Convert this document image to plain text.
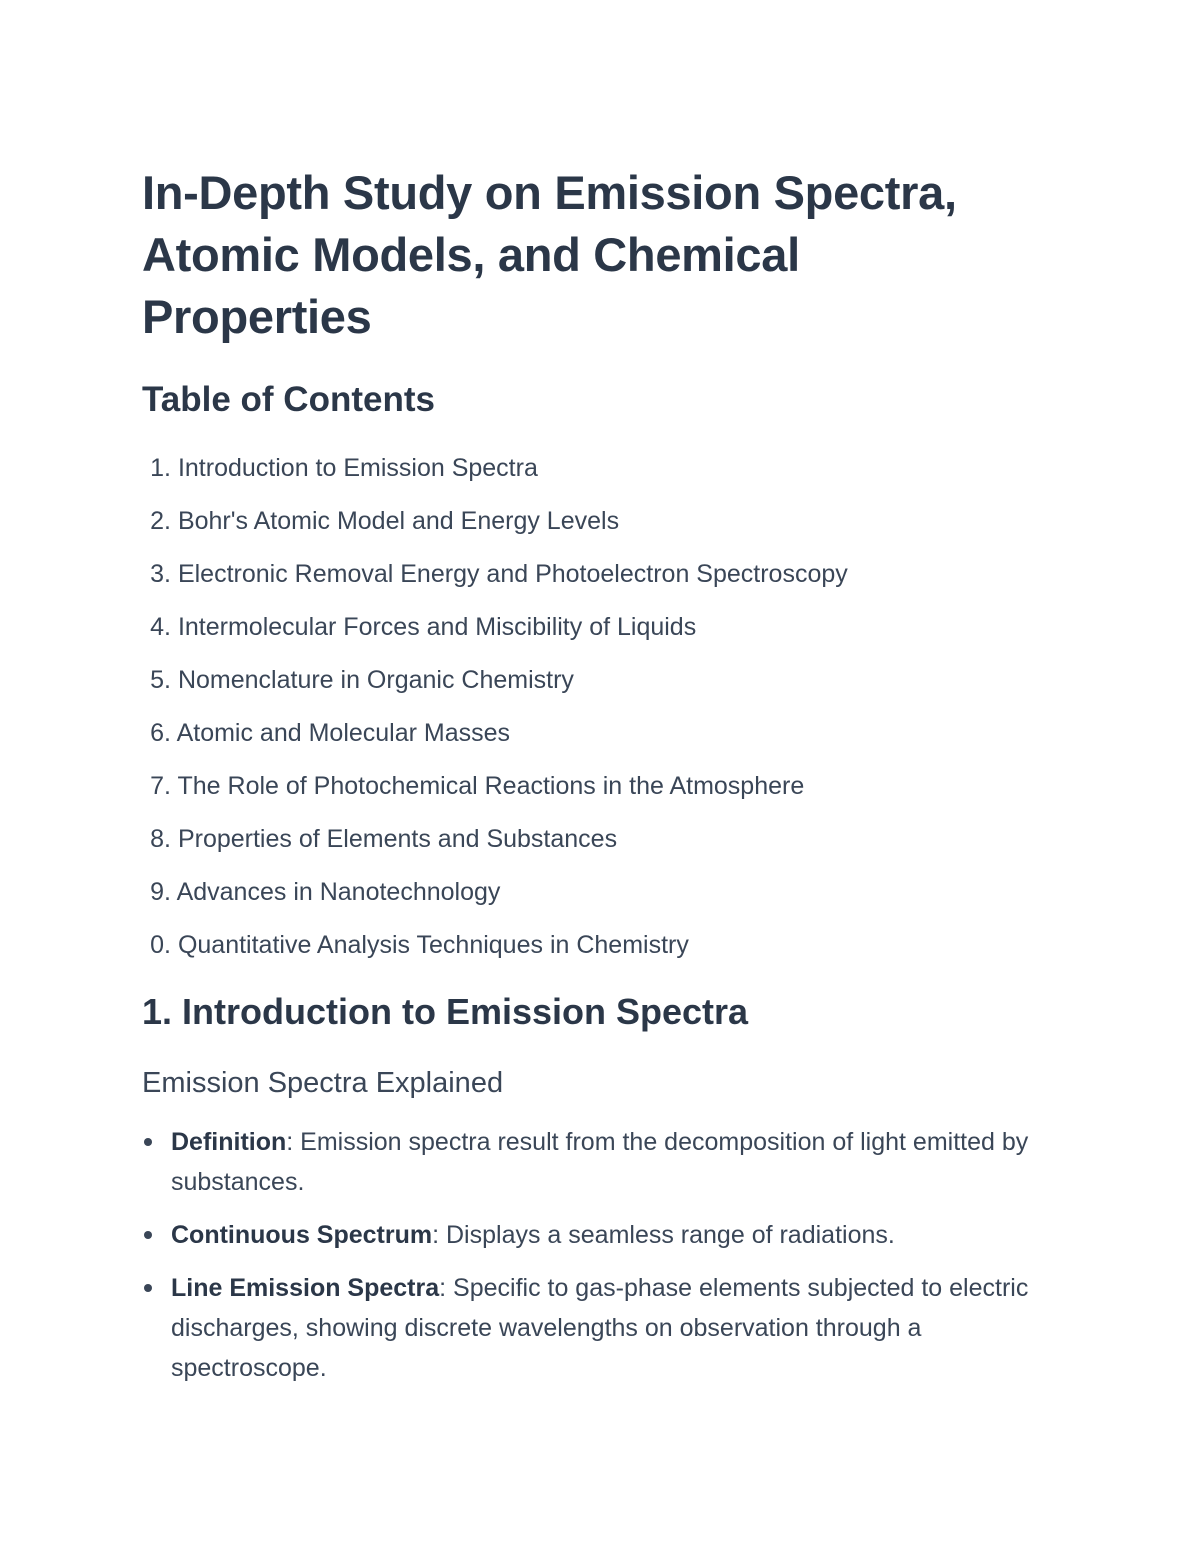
In-Depth Study on Emission Spectra, Atomic Models, and Chemical Properties
Table of Contents
1. Introduction to Emission Spectra
2. Bohr's Atomic Model and Energy Levels
3. Electronic Removal Energy and Photoelectron Spectroscopy
4. Intermolecular Forces and Miscibility of Liquids
5. Nomenclature in Organic Chemistry
6. Atomic and Molecular Masses
7. The Role of Photochemical Reactions in the Atmosphere
8. Properties of Elements and Substances
9. Advances in Nanotechnology
0. Quantitative Analysis Techniques in Chemistry
1. Introduction to Emission Spectra
Emission Spectra Explained
Definition: Emission spectra result from the decomposition of light emitted by substances.
Continuous Spectrum: Displays a seamless range of radiations.
Line Emission Spectra: Specific to gas-phase elements subjected to electric discharges, showing discrete wavelengths on observation through a spectroscope.
